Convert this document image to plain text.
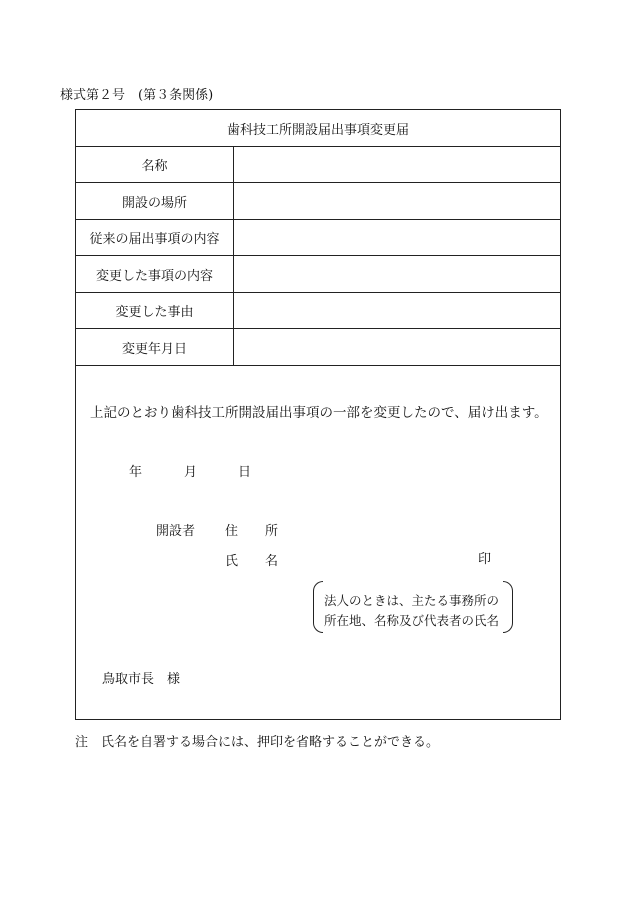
様式第２号　(第３条関係)
歯科技工所開設届出事項変更届
名称
開設の場所
従来の届出事項の内容
変更した事項の内容
変更した事由
変更年月日
上記のとおり歯科技工所開設届出事項の一部を変更したので、届け出ます。
年	月	日
開設者 住 所
氏 名	印
法人のときは、主たる事務所の
所在地、名称及び代表者の氏名
鳥取市長　様
注　氏名を自署する場合には、押印を省略することができる。
